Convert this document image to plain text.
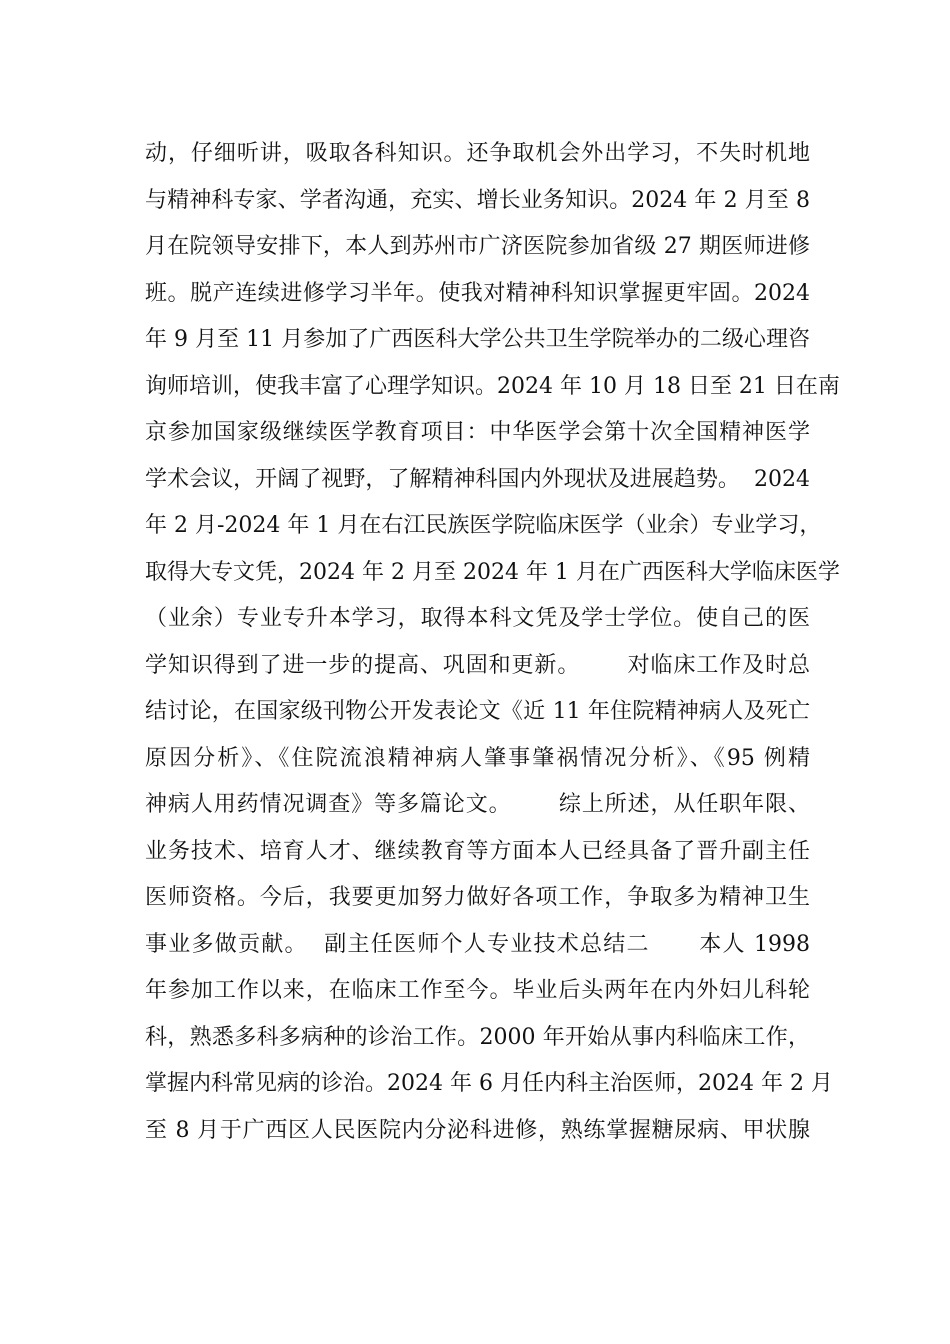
动，仔细听讲，吸取各科知识。还争取机会外出学习，不失时机地
与精神科专家、学者沟通，充实、增长业务知识。2024 年 2 月至 8
月在院领导安排下，本人到苏州市广济医院参加省级 27 期医师进修
班。脱产连续进修学习半年。使我对精神科知识掌握更牢固。2024
年 9 月至 11 月参加了广西医科大学公共卫生学院举办的二级心理咨
询师培训，使我丰富了心理学知识。2024 年 10 月 18 日至 21 日在南
京参加国家级继续医学教育项目：中华医学会第十次全国精神医学
学术会议，开阔了视野，了解精神科国内外现状及进展趋势。  2024
年 2 月-2024 年 1 月在右江民族医学院临床医学（业余）专业学习，
取得大专文凭，2024 年 2 月至 2024 年 1 月在广西医科大学临床医学
（业余）专业专升本学习，取得本科文凭及学士学位。使自己的医
学知识得到了进一步的提高、巩固和更新。      对临床工作及时总
结讨论，在国家级刊物公开发表论文《近 11 年住院精神病人及死亡
原因分析》、《住院流浪精神病人肇事肇祸情况分析》、《95 例精
神病人用药情况调查》等多篇论文。      综上所述，从任职年限、
业务技术、培育人才、继续教育等方面本人已经具备了晋升副主任
医师资格。今后，我要更加努力做好各项工作，争取多为精神卫生
事业多做贡献。  副主任医师个人专业技术总结二      本人 1998
年参加工作以来，在临床工作至今。毕业后头两年在内外妇儿科轮
科，熟悉多科多病种的诊治工作。2000 年开始从事内科临床工作，
掌握内科常见病的诊治。2024 年 6 月任内科主治医师，2024 年 2 月
至 8 月于广西区人民医院内分泌科进修，熟练掌握糖尿病、甲状腺
